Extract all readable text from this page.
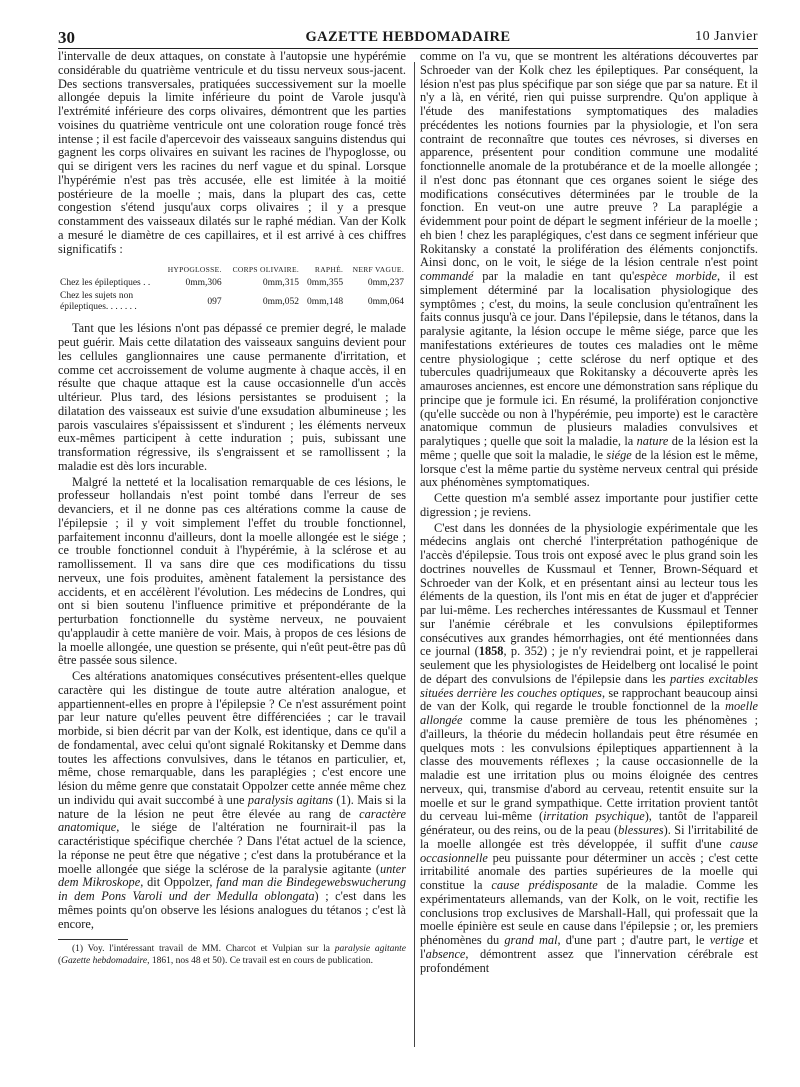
30	GAZETTE HEBDOMADAIRE	10 Janvier

l'intervalle de deux attaques, on constate à l'autopsie une hypérémie considérable du quatrième ventricule et du tissu nerveux sous-jacent. Des sections transversales, pratiquées successivement sur la moelle allongée depuis la limite inférieure du point de Varole jusqu'à l'extrémité inférieure des corps olivaires, démontrent que les parties voisines du quatrième ventricule ont une coloration rouge foncé très intense ; il est facile d'apercevoir des vaisseaux sanguins distendus qui gagnent les corps olivaires en suivant les racines de l'hypoglosse, ou qui se dirigent vers les racines du nerf vague et du spinal. Lorsque l'hypérémie n'est pas très accusée, elle est limitée à la moitié postérieure de la moelle ; mais, dans la plupart des cas, cette congestion s'étend jusqu'aux corps olivaires ; il y a presque constamment des vaisseaux dilatés sur le raphé médian. Van der Kolk a mesuré le diamètre de ces capillaires, et il est arrivé à ces chiffres significatifs :

	HYPOGLOSSE.	CORPS OLIVAIRE.	RAPHÉ.	NERF VAGUE.
Chez les épileptiques . .	0mm,306	0mm,315	0mm,355	0mm,237
Chez les sujets non épileptiques. . . . . . .	097	0mm,052	0mm,148	0mm,064

Tant que les lésions n'ont pas dépassé ce premier degré, le malade peut guérir. Mais cette dilatation des vaisseaux sanguins devient pour les cellules ganglionnaires une cause permanente d'irritation, et comme cet accroissement de volume augmente à chaque accès, il en résulte que chaque attaque est la cause occasionnelle d'un accès ultérieur. Plus tard, des lésions persistantes se produisent ; la dilatation des vaisseaux est suivie d'une exsudation albumineuse ; les parois vasculaires s'épaississent et s'indurent ; les éléments nerveux eux-mêmes participent à cette induration ; puis, subissant une transformation régressive, ils s'engraissent et se ramollissent ; la maladie est dès lors incurable.

Malgré la netteté et la localisation remarquable de ces lésions, le professeur hollandais n'est point tombé dans l'erreur de ses devanciers, et il ne donne pas ces altérations comme la cause de l'épilepsie ; il y voit simplement l'effet du trouble fonctionnel, parfaitement inconnu d'ailleurs, dont la moelle allongée est le siége ; ce trouble fonctionnel conduit à l'hypérémie, à la sclérose et au ramollissement. Il va sans dire que ces modifications du tissu nerveux, une fois produites, amènent fatalement la persistance des accidents, et en accélèrent l'évolution. Les médecins de Londres, qui ont si bien soutenu l'influence primitive et prépondérante de la perturbation fonctionnelle du système nerveux, ne pouvaient qu'applaudir à cette manière de voir. Mais, à propos de ces lésions de la moelle allongée, une question se présente, qui n'eût peut-être pas dû être passée sous silence.

Ces altérations anatomiques consécutives présentent-elles quelque caractère qui les distingue de toute autre altération analogue, et appartiennent-elles en propre à l'épilepsie ? Ce n'est assurément point par leur nature qu'elles peuvent être différenciées ; car le travail morbide, si bien décrit par van der Kolk, est identique, dans ce qu'il a de fondamental, avec celui qu'ont signalé Rokitansky et Demme dans toutes les affections convulsives, dans le tétanos en particulier, et, même, chose remarquable, dans les paraplégies ; c'est encore une lésion du même genre que constatait Oppolzer cette année même chez un individu qui avait succombé à une paralysis agitans (1). Mais si la nature de la lésion ne peut être élevée au rang de caractère anatomique, le siége de l'altération ne fournirait-il pas la caractéristique spécifique cherchée ? Dans l'état actuel de la science, la réponse ne peut être que négative ; c'est dans la protubérance et la moelle allongée que siége la sclérose de la paralysie agitante (unter dem Mikroskope, dit Oppolzer, fand man die Bindegewebswucherung in dem Pons Varoli und der Medulla oblongata) ; c'est dans les mêmes points qu'on observe les lésions analogues du tétanos ; c'est là encore,

(1) Voy. l'intéressant travail de MM. Charcot et Vulpian sur la paralysie agitante (Gazette hebdomadaire, 1861, nos 48 et 50). Ce travail est en cours de publication.

comme on l'a vu, que se montrent les altérations découvertes par Schroeder van der Kolk chez les épileptiques. Par conséquent, la lésion n'est pas plus spécifique par son siége que par sa nature. Et il n'y a là, en vérité, rien qui puisse surprendre. Qu'on applique à l'étude des manifestations symptomatiques des maladies précédentes les notions fournies par la physiologie, et l'on sera contraint de reconnaître que toutes ces névroses, si diverses en apparence, présentent pour condition commune une modalité fonctionnelle anomale de la protubérance et de la moelle allongée ; il n'est donc pas étonnant que ces organes soient le siége des modifications consécutives déterminées par le trouble de la fonction. En veut-on une autre preuve ? La paraplégie a évidemment pour point de départ le segment inférieur de la moelle ; eh bien ! chez les paraplégiques, c'est dans ce segment inférieur que Rokitansky a constaté la prolifération des éléments conjonctifs. Ainsi donc, on le voit, le siége de la lésion centrale n'est point commandé par la maladie en tant qu'espèce morbide, il est simplement déterminé par la localisation physiologique des symptômes ; c'est, du moins, la seule conclusion qu'entraînent les faits connus jusqu'à ce jour. Dans l'épilepsie, dans le tétanos, dans la paralysie agitante, la lésion occupe le même siége, parce que les manifestations extérieures de toutes ces maladies ont le même centre physiologique ; cette sclérose du nerf optique et des tubercules quadrijumeaux que Rokitansky a découverte après les amauroses anciennes, est encore une démonstration sans réplique du principe que je formule ici. En résumé, la prolifération conjonctive (qu'elle succède ou non à l'hypérémie, peu importe) est le caractère anatomique commun de plusieurs maladies convulsives et paralytiques ; quelle que soit la maladie, la nature de la lésion est la même ; quelle que soit la maladie, le siége de la lésion est le même, lorsque c'est la même partie du système nerveux central qui préside aux phénomènes symptomatiques.

Cette question m'a semblé assez importante pour justifier cette digression ; je reviens.

C'est dans les données de la physiologie expérimentale que les médecins anglais ont cherché l'interprétation pathogénique de l'accès d'épilepsie. Tous trois ont exposé avec le plus grand soin les doctrines nouvelles de Kussmaul et Tenner, Brown-Séquard et Schroeder van der Kolk, et en présentant ainsi au lecteur tous les éléments de la question, ils l'ont mis en état de juger et d'apprécier par lui-même. Les recherches intéressantes de Kussmaul et Tenner sur l'anémie cérébrale et les convulsions épileptiformes consécutives aux grandes hémorrhagies, ont été mentionnées dans ce journal (1858, p. 352) ; je n'y reviendrai point, et je rappellerai seulement que les physiologistes de Heidelberg ont localisé le point de départ des convulsions de l'épilepsie dans les parties excitables situées derrière les couches optiques, se rapprochant beaucoup ainsi de van der Kolk, qui regarde le trouble fonctionnel de la moelle allongée comme la cause première de tous les phénomènes ; d'ailleurs, la théorie du médecin hollandais peut être résumée en quelques mots : les convulsions épileptiques appartiennent à la classe des mouvements réflexes ; la cause occasionnelle de la maladie est une irritation plus ou moins éloignée des centres nerveux, qui, transmise d'abord au cerveau, retentit ensuite sur la moelle et sur le grand sympathique. Cette irritation provient tantôt du cerveau lui-même (irritation psychique), tantôt de l'appareil générateur, ou des reins, ou de la peau (blessures). Si l'irritabilité de la moelle allongée est très développée, il suffit d'une cause occasionnelle peu puissante pour déterminer un accès ; c'est cette irritabilité anomale des parties supérieures de la moelle qui constitue la cause prédisposante de la maladie. Comme les expérimentateurs allemands, van der Kolk, on le voit, rectifie les conclusions trop exclusives de Marshall-Hall, qui professait que la moelle épinière est seule en cause dans l'épilepsie ; or, les premiers phénomènes du grand mal, d'une part ; d'autre part, le vertige et l'absence, démontrent assez que l'innervation cérébrale est profondément
